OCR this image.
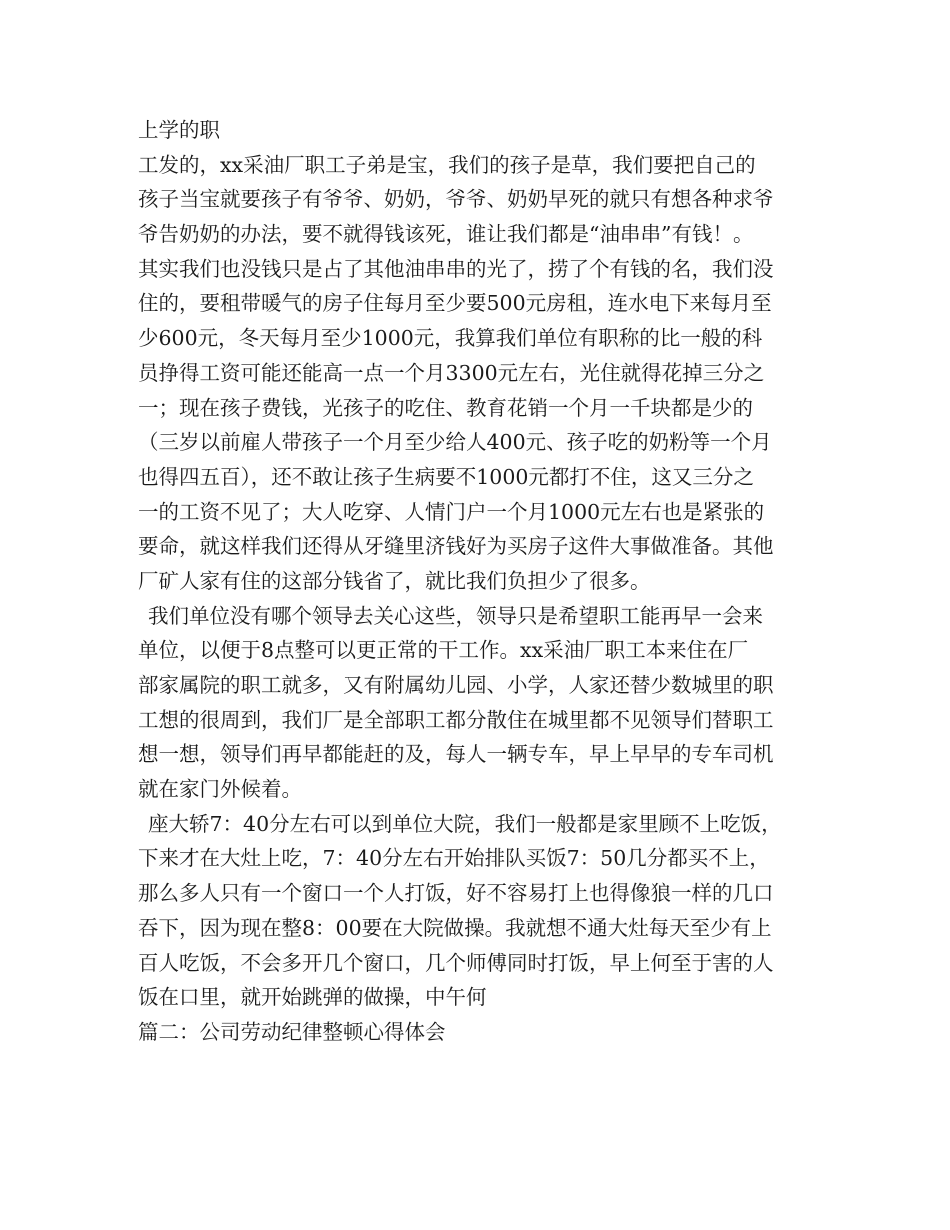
上学的职
工发的，xx采油厂职工子弟是宝，我们的孩子是草，我们要把自己的
孩子当宝就要孩子有爷爷、奶奶，爷爷、奶奶早死的就只有想各种求爷
爷告奶奶的办法，要不就得钱该死，谁让我们都是“油串串”有钱！。
其实我们也没钱只是占了其他油串串的光了，捞了个有钱的名，我们没
住的，要租带暖气的房子住每月至少要500元房租，连水电下来每月至
少600元，冬天每月至少1000元，我算我们单位有职称的比一般的科
员挣得工资可能还能高一点一个月3300元左右，光住就得花掉三分之
一；现在孩子费钱，光孩子的吃住、教育花销一个月一千块都是少的
（三岁以前雇人带孩子一个月至少给人400元、孩子吃的奶粉等一个月
也得四五百），还不敢让孩子生病要不1000元都打不住，这又三分之
一的工资不见了；大人吃穿、人情门户一个月1000元左右也是紧张的
要命，就这样我们还得从牙缝里济钱好为买房子这件大事做准备。其他
厂矿人家有住的这部分钱省了，就比我们负担少了很多。
我们单位没有哪个领导去关心这些，领导只是希望职工能再早一会来
单位，以便于8点整可以更正常的干工作。xx采油厂职工本来住在厂
部家属院的职工就多，又有附属幼儿园、小学，人家还替少数城里的职
工想的很周到，我们厂是全部职工都分散住在城里都不见领导们替职工
想一想，领导们再早都能赶的及，每人一辆专车，早上早早的专车司机
就在家门外候着。
座大轿7：40分左右可以到单位大院，我们一般都是家里顾不上吃饭，
下来才在大灶上吃，7：40分左右开始排队买饭7：50几分都买不上，
那么多人只有一个窗口一个人打饭，好不容易打上也得像狼一样的几口
吞下，因为现在整8：00要在大院做操。我就想不通大灶每天至少有上
百人吃饭，不会多开几个窗口，几个师傅同时打饭，早上何至于害的人
饭在口里，就开始跳弹的做操，中午何
篇二：公司劳动纪律整顿心得体会
